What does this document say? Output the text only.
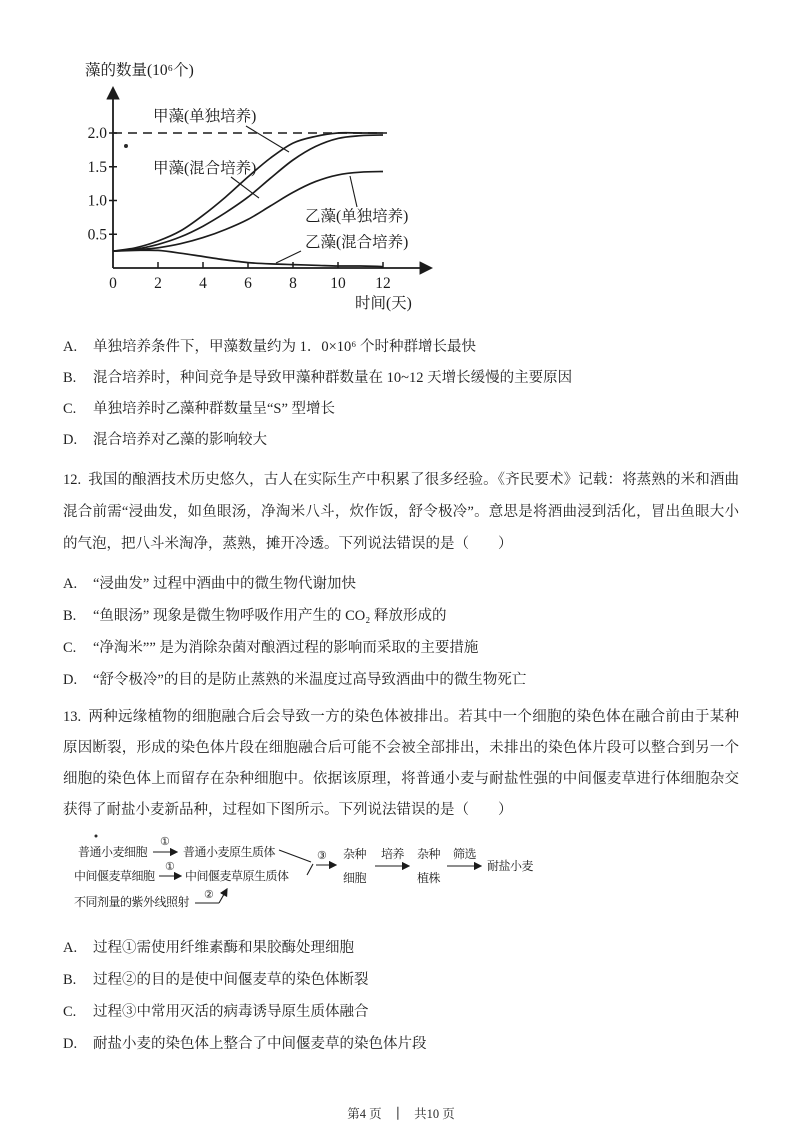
藻的数量(10⁶个)
0 2 4 6 8 10 12
0.5
1.0
1.5
2.0
甲藻(单独培养)
甲藻(混合培养)
乙藻(单独培养)
乙藻(混合培养)
时间(天)
A.	单独培养条件下，甲藻数量约为 1．0×10⁶ 个时种群增长最快
B.	混合培养时，种间竞争是导致甲藻种群数量在 10~12 天增长缓慢的主要原因
C.	单独培养时乙藻种群数量呈“S” 型增长
D.	混合培养对乙藻的影响较大

12. 我国的酿酒技术历史悠久，古人在实际生产中积累了很多经验。《齐民要术》记载：将蒸熟的米和酒曲混合前需“浸曲发，如鱼眼汤，净淘米八斗，炊作饭，舒令极冷”。意思是将酒曲浸到活化，冒出鱼眼大小的气泡，把八斗米淘净，蒸熟，摊开冷透。下列说法错误的是（　　）

A.	“浸曲发” 过程中酒曲中的微生物代谢加快
B.	“鱼眼汤” 现象是微生物呼吸作用产生的 CO₂ 释放形成的
C.	“净淘米”” 是为消除杂菌对酿酒过程的影响而采取的主要措施
D.	“舒令极冷”的目的是防止蒸熟的米温度过高导致酒曲中的微生物死亡

13. 两种远缘植物的细胞融合后会导致一方的染色体被排出。若其中一个细胞的染色体在融合前由于某种原因断裂，形成的染色体片段在细胞融合后可能不会被全部排出，未排出的染色体片段可以整合到另一个细胞的染色体上而留存在杂种细胞中。依据该原理，将普通小麦与耐盐性强的中间偃麦草进行体细胞杂交获得了耐盐小麦新品种，过程如下图所示。下列说法错误的是（　　）

普通小麦细胞
①
普通小麦原生质体
中间偃麦草细胞
①
中间偃麦草原生质体
不同剂量的紫外线照射 ②
③ 杂种
细胞
培养 杂种
植株
筛选
耐盐小麦
A.	过程①需使用纤维素酶和果胶酶处理细胞
B.	过程②的目的是使中间偃麦草的染色体断裂
C.	过程③中常用灭活的病毒诱导原生质体融合
D.	耐盐小麦的染色体上整合了中间偃麦草的染色体片段
第4 页 ｜ 共10 页
